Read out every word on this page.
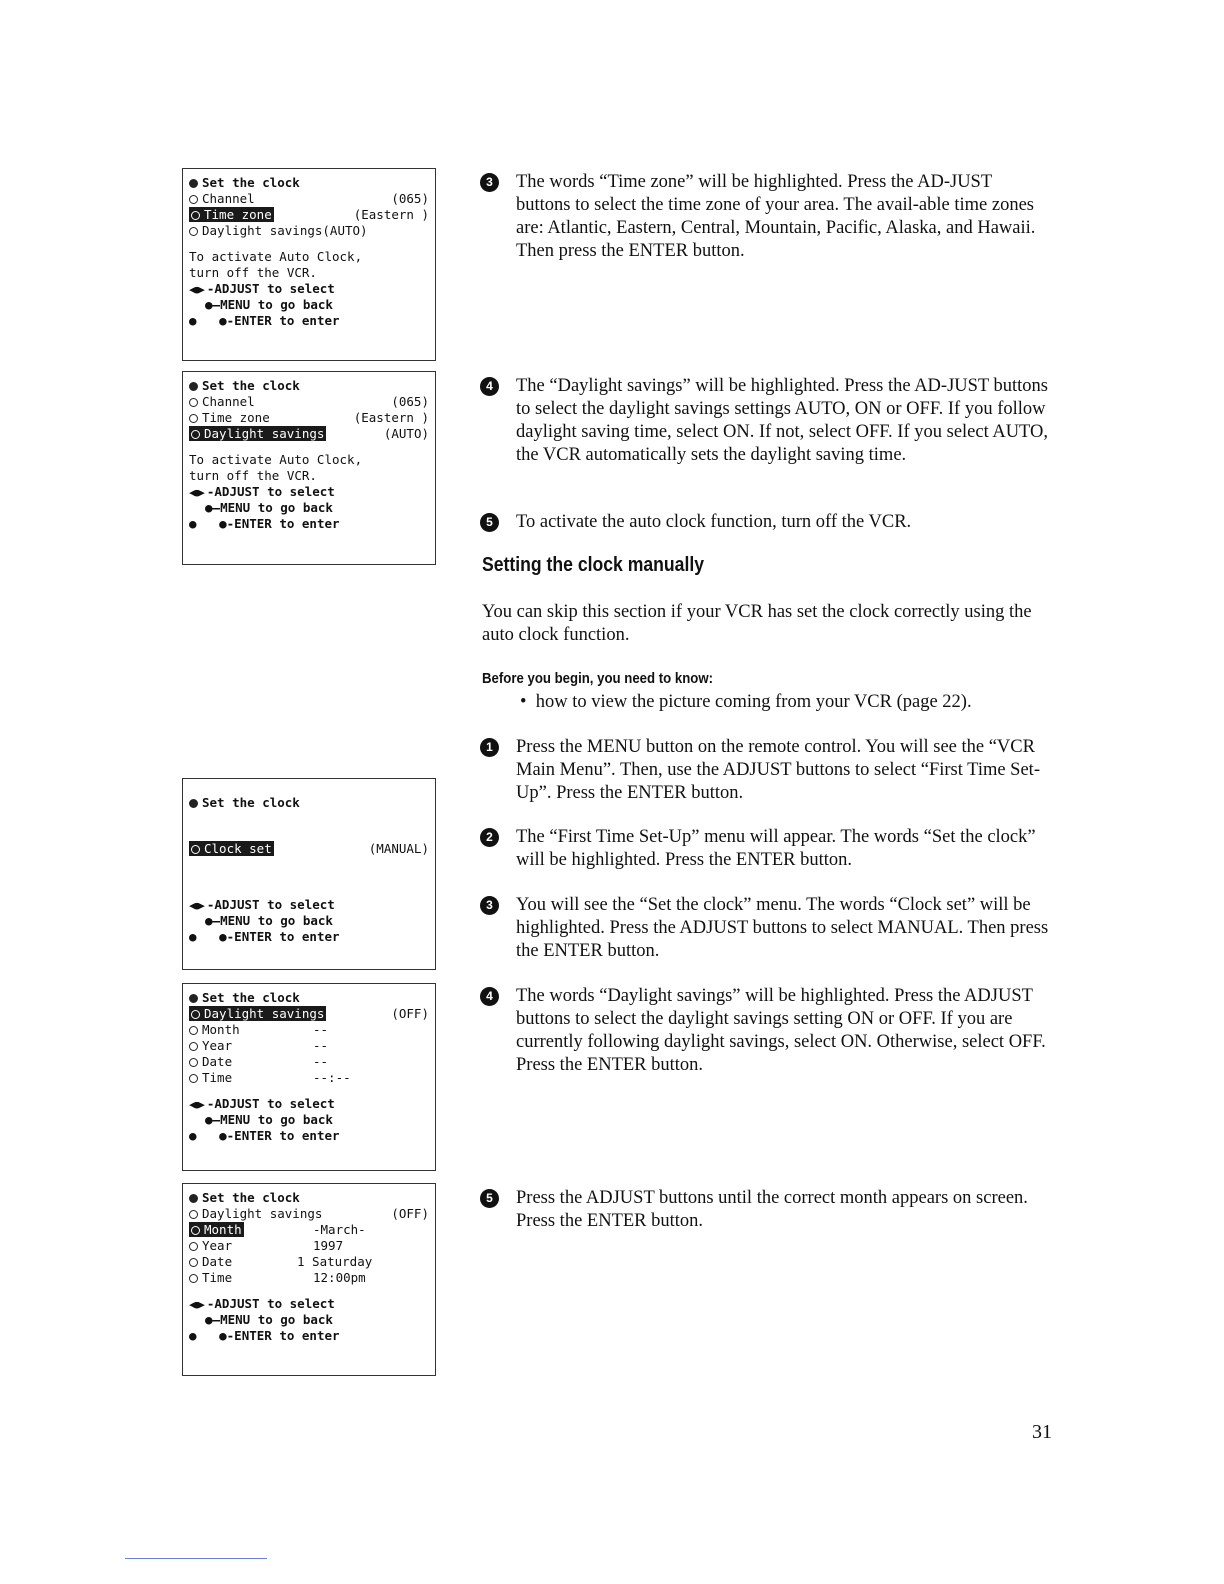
Set the clock
Channel	(065)
Time zone	(Eastern )
Daylight savings(AUTO)
To activate Auto Clock,
turn off the VCR.
◀●▶ -ADJUST to select
●—MENU to go back
●   ●-ENTER to enter
Set the clock
Channel	(065)
Time zone	(Eastern )
Daylight savings	(AUTO)
To activate Auto Clock,
turn off the VCR.
◀●▶ -ADJUST to select
●—MENU to go back
●   ●-ENTER to enter
Set the clock
Clock set	(MANUAL)
◀●▶ -ADJUST to select
●—MENU to go back
●   ●-ENTER to enter
Set the clock
Daylight savings	(OFF)
Month	--
Year	--
Date	--
Time	--:--
◀●▶ -ADJUST to select
●—MENU to go back
●   ●-ENTER to enter
Set the clock
Daylight savings	(OFF)
Month	-March-
Year	1997
Date	1 Saturday
Time	12:00pm
◀●▶ -ADJUST to select
●—MENU to go back
●   ●-ENTER to enter
3	The words “Time zone” will be highlighted. Press the AD-JUST buttons to select the time zone of your area. The avail-able time zones are: Atlantic, Eastern, Central, Mountain, Pacific, Alaska, and Hawaii. Then press the ENTER button.
4	The “Daylight savings” will be highlighted. Press the AD-JUST buttons to select the daylight savings settings AUTO, ON or OFF. If you follow daylight saving time, select ON. If not, select OFF. If you select AUTO, the VCR automatically sets the daylight saving time.
5	To activate the auto clock function, turn off the VCR.
Setting the clock manually
You can skip this section if your VCR has set the clock correctly using the auto clock function.
Before you begin, you need to know:
•  how to view the picture coming from your VCR (page 22).
1	Press the MENU button on the remote control. You will see the “VCR Main Menu”. Then, use the ADJUST buttons to select “First Time Set-Up”. Press the ENTER button.
2	The “First Time Set-Up” menu will appear. The words “Set the clock” will be highlighted. Press the ENTER button.
3	You will see the “Set the clock” menu. The words “Clock set” will be highlighted. Press the ADJUST buttons to select MANUAL. Then press the ENTER button.
4	The words “Daylight savings” will be highlighted. Press the ADJUST buttons to select the daylight savings setting ON or OFF. If you are currently following daylight savings, select ON. Otherwise, select OFF. Press the ENTER button.
5	Press the ADJUST buttons until the correct month appears on screen. Press the ENTER button.
31
